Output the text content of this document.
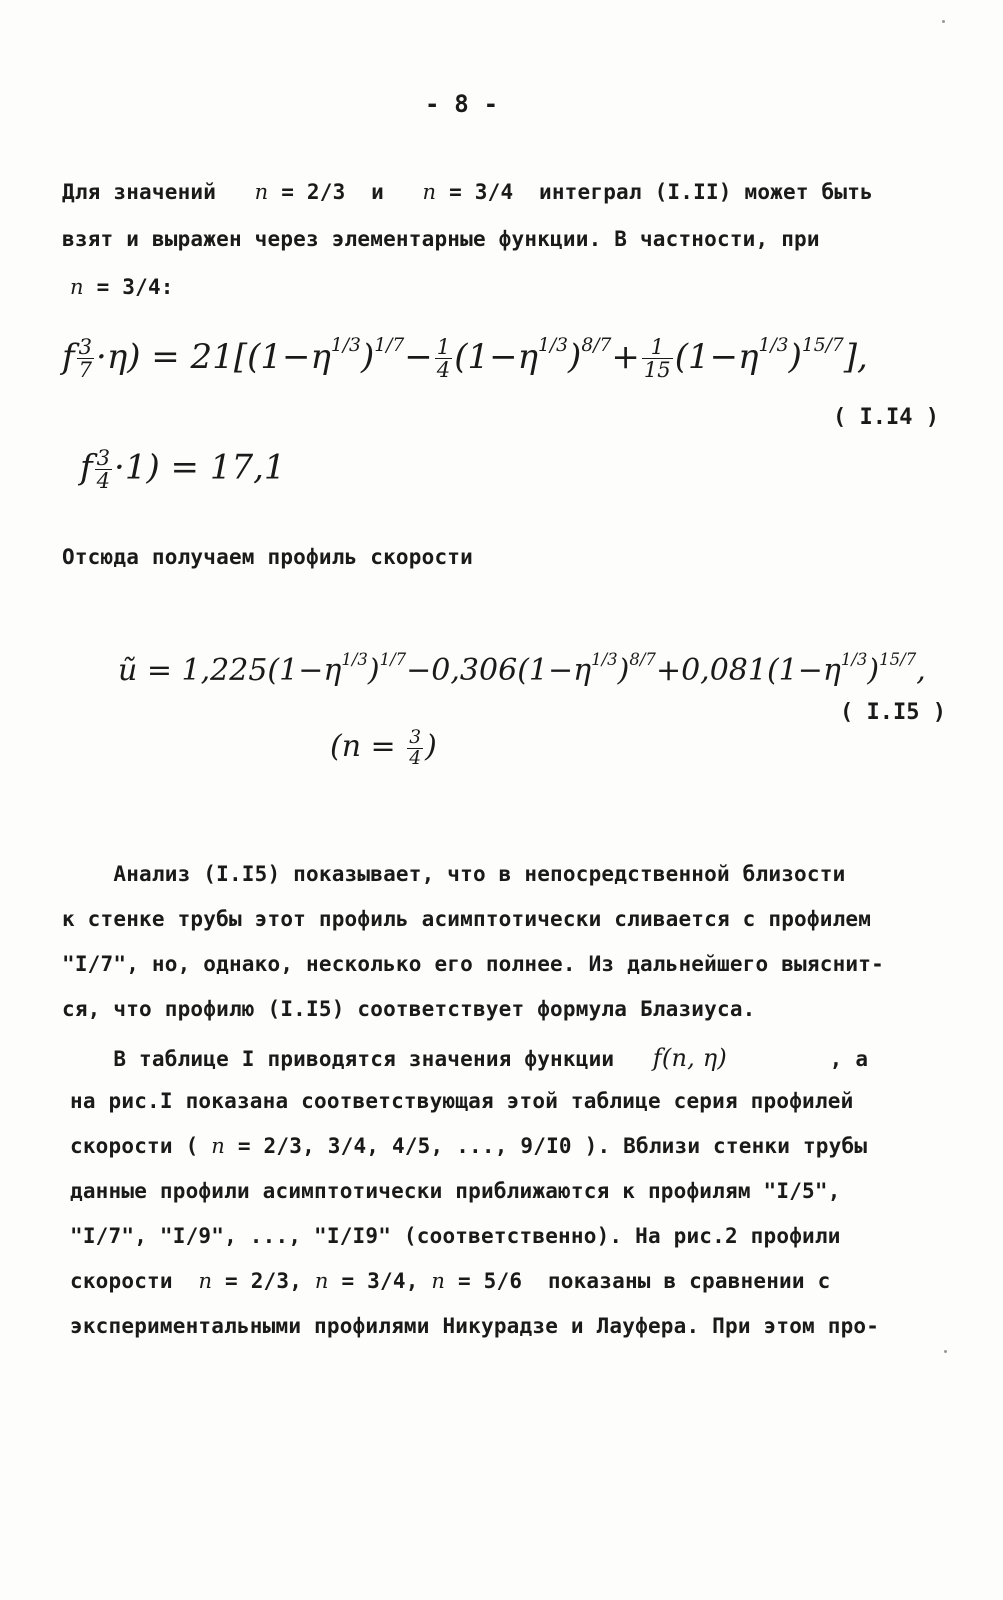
- 8 -
Для значений n = 2/3  и n = 3/4  интеграл (I.II) может быть
взят и выражен через элементарные функции. В частности, при
n = 3/4:
f $\frac{3}{7} \cdot\eta) = 21[(1-\eta^{1/3})^{1/7}- \frac{1}{4} (1-\eta^{1/3})^{8/7}+ \frac{1}{15} (1-\eta^{1/3})^{15/7}]$,
( I.I4 )
f $\frac{3}{4} \cdot 1) = 17,1$
Отсюда получаем профиль скорости
ũ = $1,225(1-\eta^{1/3})^{1/7}-0,306(1-\eta^{1/3})^{8/7}+0,081(1-\eta^{1/3})^{15/7}$,
( I.I5 )
($n = \frac{3}{4}$ )
Анализ (I.I5) показывает, что в непосредственной близости
к стенке трубы этот профиль асимптотически сливается с профилем
"I/7", но, однако, несколько его полнее. Из дальнейшего выяснит-
ся, что профилю (I.I5) соответствует формула Блазиуса.
В таблице I приводятся значения функции f(n, η)	, а
на рис.I показана соответствующая этой таблице серия профилей
скорости ( n = 2/3, 3/4, 4/5, ..., 9/I0 ). Вблизи стенки трубы
данные профили асимптотически приближаются к профилям "I/5",
"I/7", "I/9", ..., "I/I9" (соответственно). На рис.2 профили
скорости n = 2/3, n = 3/4, n = 5/6  показаны в сравнении с
экспериментальными профилями Никурадзе и Лауфера. При этом про-
